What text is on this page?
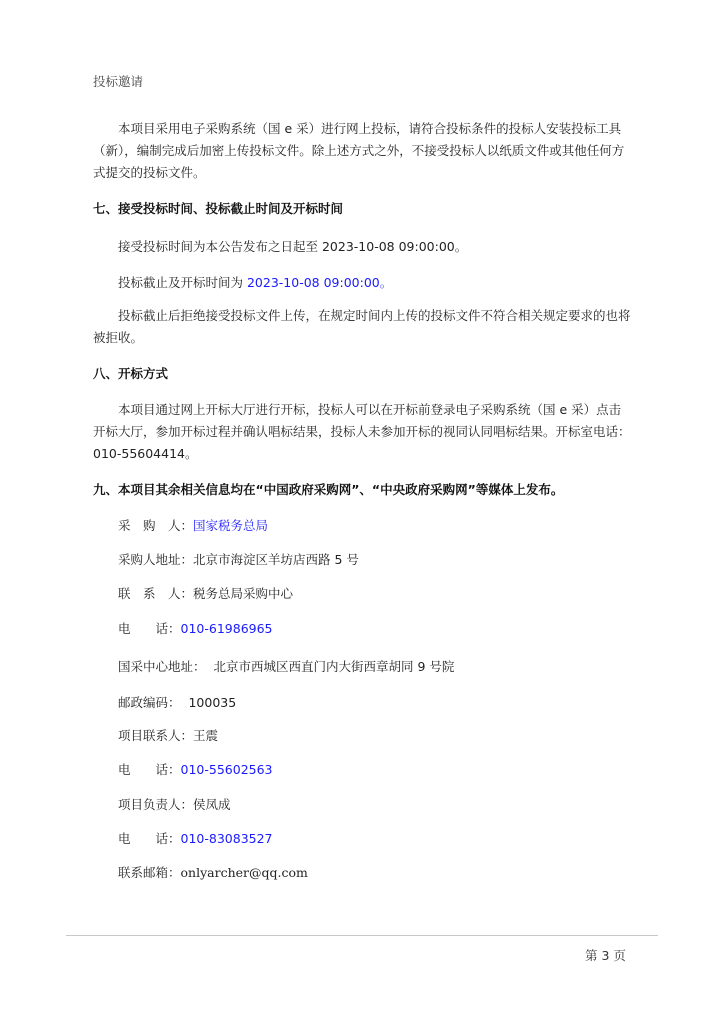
投标邀请

本项目采用电子采购系统（国 e 采）进行网上投标，请符合投标条件的投标人安装投标工具（新），编制完成后加密上传投标文件。除上述方式之外，不接受投标人以纸质文件或其他任何方式提交的投标文件。

七、接受投标时间、投标截止时间及开标时间

接受投标时间为本公告发布之日起至 2023-10-08 09:00:00。

投标截止及开标时间为 2023-10-08 09:00:00。

投标截止后拒绝接受投标文件上传，在规定时间内上传的投标文件不符合相关规定要求的也将被拒收。

八、开标方式

本项目通过网上开标大厅进行开标，投标人可以在开标前登录电子采购系统（国 e 采）点击开标大厅，参加开标过程并确认唱标结果，投标人未参加开标的视同认同唱标结果。开标室电话：010-55604414。

九、本项目其余相关信息均在“中国政府采购网”、“中央政府采购网”等媒体上发布。
采　购　人：国家税务总局
采购人地址：北京市海淀区羊坊店西路 5 号
联　系　人：税务总局采购中心
电　　话：010-61986965
国采中心地址： 北京市西城区西直门内大街西章胡同 9 号院
邮政编码： 100035
项目联系人：王震
电　　话：010-55602563
项目负责人：侯凤成
电　　话：010-83083527
联系邮箱：onlyarcher@qq.com
第 3 页
